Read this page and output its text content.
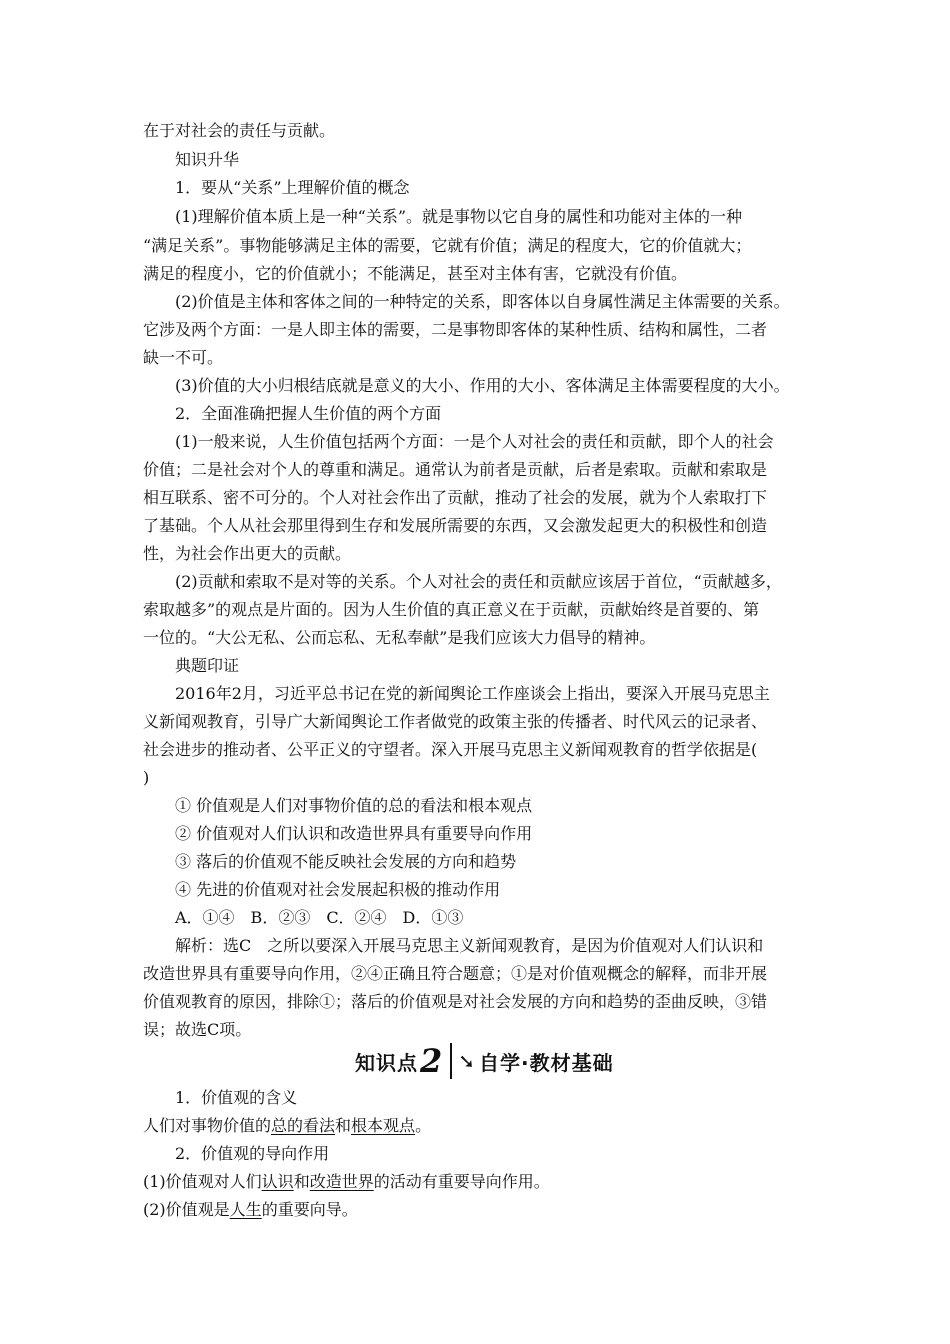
在于对社会的责任与贡献。
知识升华
1．要从“关系”上理解价值的概念
(1)理解价值本质上是一种“关系”。就是事物以它自身的属性和功能对主体的一种
“满足关系”。事物能够满足主体的需要，它就有价值；满足的程度大，它的价值就大；
满足的程度小，它的价值就小；不能满足，甚至对主体有害，它就没有价值。
(2)价值是主体和客体之间的一种特定的关系，即客体以自身属性满足主体需要的关系。
它涉及两个方面：一是人即主体的需要，二是事物即客体的某种性质、结构和属性，二者
缺一不可。
(3)价值的大小归根结底就是意义的大小、作用的大小、客体满足主体需要程度的大小。
2．全面准确把握人生价值的两个方面
(1)一般来说，人生价值包括两个方面：一是个人对社会的责任和贡献，即个人的社会
价值；二是社会对个人的尊重和满足。通常认为前者是贡献，后者是索取。贡献和索取是
相互联系、密不可分的。个人对社会作出了贡献，推动了社会的发展，就为个人索取打下
了基础。个人从社会那里得到生存和发展所需要的东西，又会激发起更大的积极性和创造
性，为社会作出更大的贡献。
(2)贡献和索取不是对等的关系。个人对社会的责任和贡献应该居于首位，“贡献越多，
索取越多”的观点是片面的。因为人生价值的真正意义在于贡献，贡献始终是首要的、第
一位的。“大公无私、公而忘私、无私奉献”是我们应该大力倡导的精神。
典题印证
2016年2月，习近平总书记在党的新闻舆论工作座谈会上指出，要深入开展马克思主
义新闻观教育，引导广大新闻舆论工作者做党的政策主张的传播者、时代风云的记录者、
社会进步的推动者、公平正义的守望者。深入开展马克思主义新闻观教育的哲学依据是(
)
① 价值观是人们对事物价值的总的看法和根本观点
② 价值观对人们认识和改造世界具有重要导向作用
③ 落后的价值观不能反映社会发展的方向和趋势
④ 先进的价值观对社会发展起积极的推动作用
A．①④　B．②③　C．②④　D．①③
解析：选C　之所以要深入开展马克思主义新闻观教育，是因为价值观对人们认识和
改造世界具有重要导向作用，②④正确且符合题意；①是对价值观概念的解释，而非开展
价值观教育的原因，排除①；落后的价值观是对社会发展的方向和趋势的歪曲反映，③错
误；故选C项。
知识点 2 ➘ 自学·教材基础
1．价值观的含义
人们对事物价值的总的看法和根本观点。
2．价值观的导向作用
(1)价值观对人们认识和改造世界的活动有重要导向作用。
(2)价值观是人生的重要向导。
